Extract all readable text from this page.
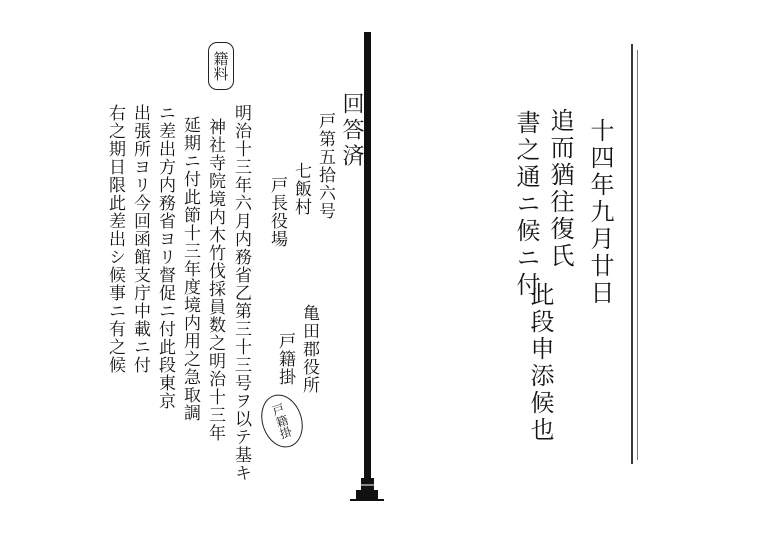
籍料
回答済
戸第五拾六号
七飯村
戸長役場
明治十三年六月内務省乙第三十三号ヲ以テ基キ
神社寺院境内木竹伐採員数之明治十三年
延期ニ付此節十三年度境内用之急取調
ニ差出方内務省ヨリ督促ニ付此段東京
出張所ヨリ今回函館支庁中載ニ付
右之期日限此差出シ候事ニ有之候	亀田郡役所
戸籍掛
戸籍掛
十四年九月廿日
追而猶往復氏
書之通ニ候ニ付
此段申添候也
